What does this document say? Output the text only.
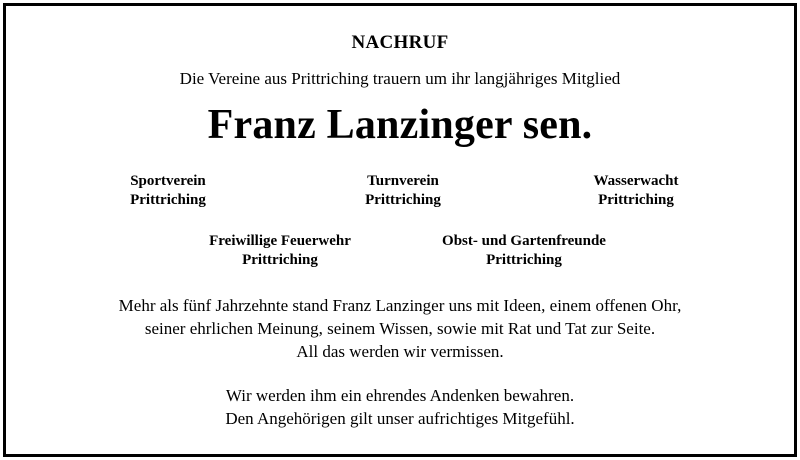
NACHRUF
Die Vereine aus Prittriching trauern um ihr langjähriges Mitglied
Franz Lanzinger sen.
Sportverein
Prittriching
Turnverein
Prittriching
Wasserwacht
Prittriching
Freiwillige Feuerwehr
Prittriching
Obst- und Gartenfreunde
Prittriching
Mehr als fünf Jahrzehnte stand Franz Lanzinger uns mit Ideen, einem offenen Ohr,
seiner ehrlichen Meinung, seinem Wissen, sowie mit Rat und Tat zur Seite.
All das werden wir vermissen.
Wir werden ihm ein ehrendes Andenken bewahren.
Den Angehörigen gilt unser aufrichtiges Mitgefühl.
